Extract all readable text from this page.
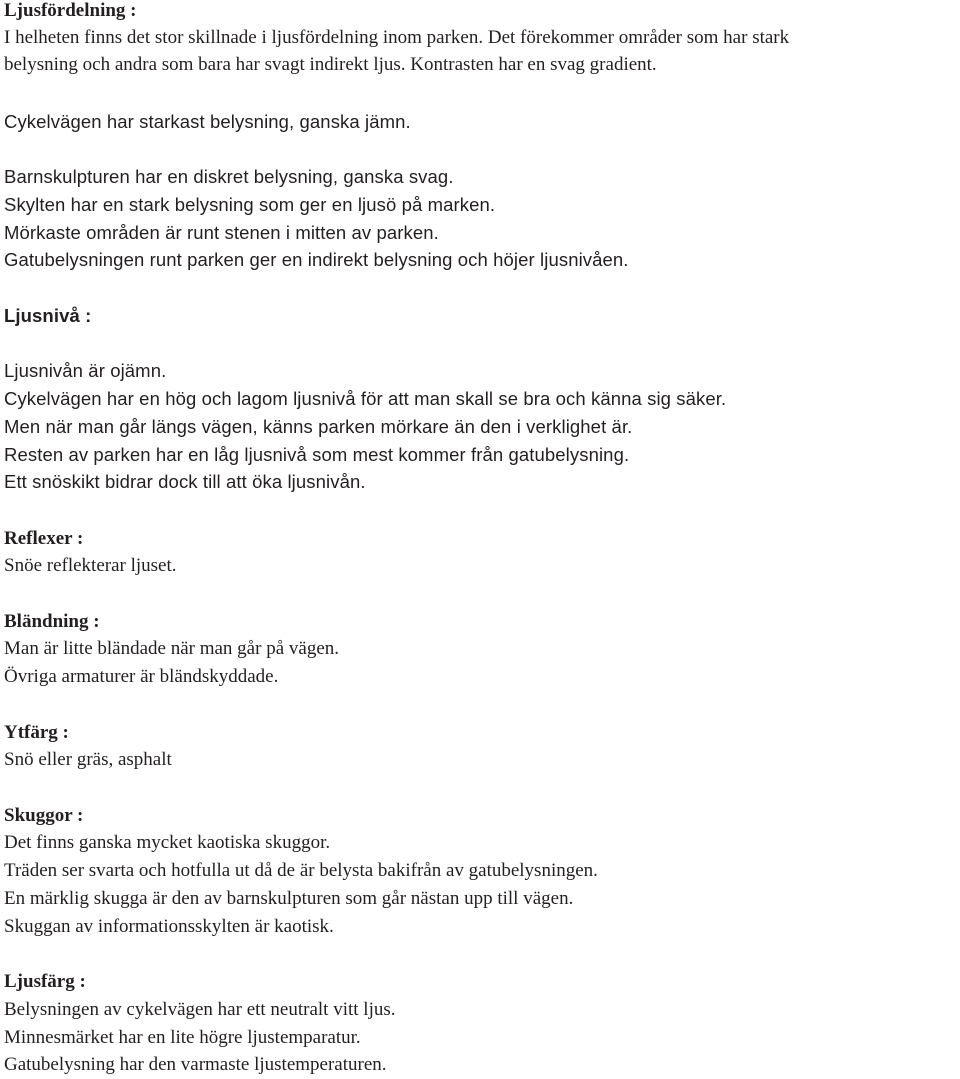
Ljusfördelning :
I helheten finns det stor skillnade i ljusfördelning inom parken. Det förekommer områder som har stark
belysning och andra som bara har svagt indirekt ljus. Kontrasten har en svag gradient.
Cykelvägen har starkast belysning, ganska jämn.
Barnskulpturen har en diskret belysning, ganska svag.
Skylten har en stark belysning som ger en ljusö på marken.
Mörkaste områden är runt stenen i mitten av parken.
Gatubelysningen runt parken ger en indirekt belysning och höjer ljusnivåen.
Ljusnivå :
Ljusnivån är ojämn.
Cykelvägen har en hög och lagom ljusnivå för att man skall se bra och känna sig säker.
Men när man går längs vägen, känns parken mörkare än den i verklighet är.
Resten av parken har en låg ljusnivå som mest kommer från gatubelysning.
Ett snöskikt bidrar dock till att öka ljusnivån.
Reflexer :
Snöe reflekterar ljuset.
Bländning :
Man är litte bländade när man går på vägen.
Övriga armaturer är bländskyddade.
Ytfärg :
Snö eller gräs, asphalt
Skuggor :
Det finns ganska mycket kaotiska skuggor.
Träden ser svarta och hotfulla ut då de är belysta bakifrån av gatubelysningen.
En märklig skugga är den av barnskulpturen som går nästan upp till vägen.
Skuggan av informationsskylten är kaotisk.
Ljusfärg :
Belysningen av cykelvägen har ett neutralt vitt ljus.
Minnesmärket har en lite högre ljustemparatur.
Gatubelysning har den varmaste ljustemperaturen.
